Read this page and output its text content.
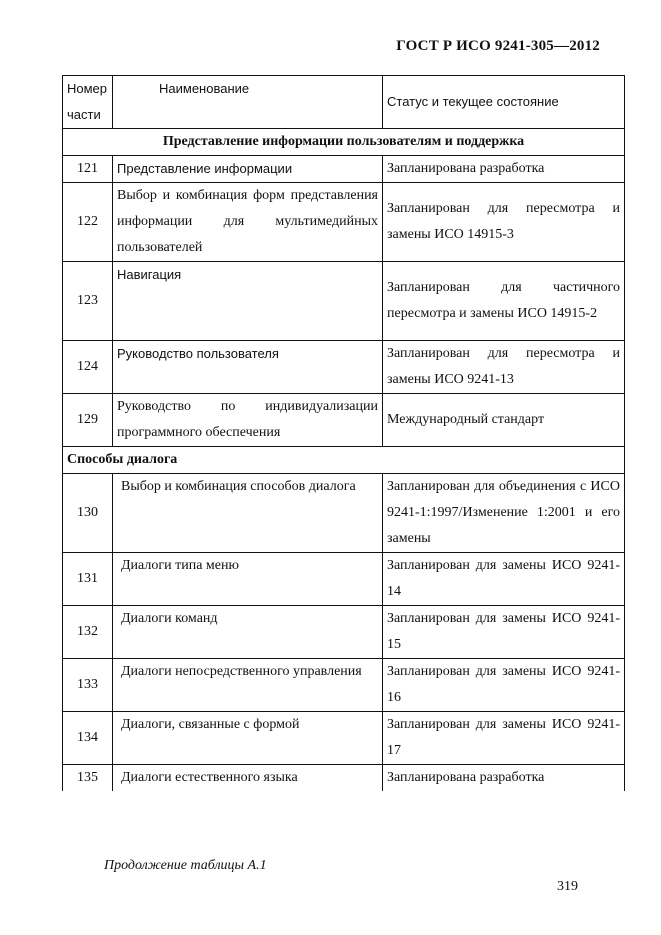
ГОСТ Р ИСО 9241-305—2012
Номер части	Наименование	Статус и текущее состояние
Представление информации пользователям и поддержка		
121	Представление информации	Запланирована разработка
122	Выбор и комбинация форм представления информации для мультимедийных пользователей	Запланирован для пересмотра и замены ИСО 14915-3
123	Навигация	Запланирован для частичного пересмотра и замены ИСО 14915-2
124	Руководство пользователя	Запланирован для пересмотра и замены ИСО 9241-13
129	Руководство по индивидуализации программного обеспечения	Международный стандарт
Способы диалога		
130	Выбор и комбинация способов диалога	Запланирован для объединения с ИСО 9241-1:1997/Изменение 1:2001 и его замены
131	Диалоги типа меню	Запланирован для замены ИСО 9241-14
132	Диалоги команд	Запланирован для замены ИСО 9241-15
133	Диалоги непосредственного управления	Запланирован для замены ИСО 9241-16
134	Диалоги, связанные с формой	Запланирован для замены ИСО 9241-17
135	Диалоги естественного языка	Запланирована разработка
Продолжение таблицы А.1
319
